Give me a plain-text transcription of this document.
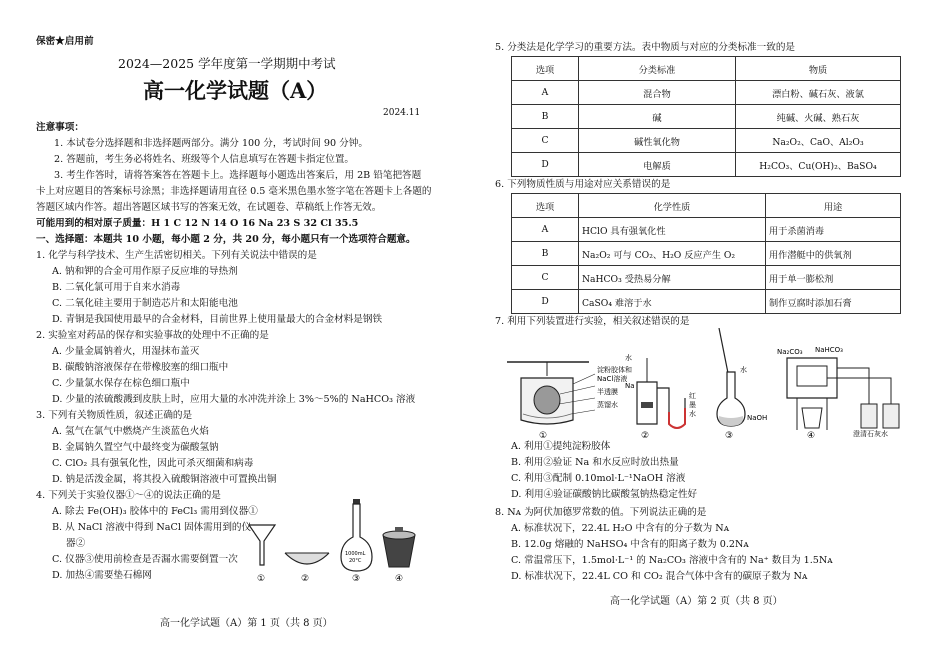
保密★启用前
2024—2025 学年度第一学期期中考试
高一化学试题（A）
2024.11
注意事项：
1. 本试卷分选择题和非选择题两部分。满分 100 分，考试时间 90 分钟。
2. 答题前，考生务必将姓名、班级等个人信息填写在答题卡指定位置。
3. 考生作答时，请将答案答在答题卡上。选择题每小题选出答案后，用 2B 铅笔把答题
卡上对应题目的答案标号涂黑；非选择题请用直径 0.5 毫米黑色墨水签字笔在答题卡上各题的
答题区域内作答。超出答题区域书写的答案无效，在试题卷、草稿纸上作答无效。
可能用到的相对原子质量：H 1 C 12 N 14 O 16 Na 23 S 32 Cl 35.5
一、选择题：本题共 10 小题，每小题 2 分，共 20 分，每小题只有一个选项符合题意。
1. 化学与科学技术、生产生活密切相关。下列有关说法中错误的是
A. 钠和钾的合金可用作原子反应堆的导热剂
B. 二氧化氯可用于自来水消毒
C. 二氧化硅主要用于制造芯片和太阳能电池
D. 青铜是我国使用最早的合金材料，目前世界上使用量最大的合金材料是钢铁
2. 实验室对药品的保存和实验事故的处理中不正确的是
A. 少量金属钠着火，用湿抹布盖灭
B. 碳酸钠溶液保存在带橡胶塞的细口瓶中
C. 少量氯水保存在棕色细口瓶中
D. 少量的浓硫酸溅到皮肤上时，应用大量的水冲洗并涂上 3%～5%的 NaHCO₃ 溶液
3. 下列有关物质性质，叙述正确的是
A. 氢气在氯气中燃烧产生淡蓝色火焰
B. 金属钠久置空气中最终变为碳酸氢钠
C. ClO₂ 具有强氧化性，因此可杀灭细菌和病毒
D. 钠是活泼金属，将其投入硫酸铜溶液中可置换出铜
4. 下列关于实验仪器①～④的说法正确的是
A. 除去 Fe(OH)₃ 胶体中的 FeCl₃ 需用到仪器①
B. 从 NaCl 溶液中得到 NaCl 固体需用到的仪
器②
C. 仪器③使用前检查是否漏水需要倒置一次
D. 加热④需要垫石棉网
1000mL
20°C
①	②	③	④
高一化学试题（A）第 1 页（共 8 页）
5. 分类法是化学学习的重要方法。表中物质与对应的分类标准一致的是
选项	分类标准	物质
A	混合物	漂白粉、碱石灰、液氯
B	碱	纯碱、火碱、熟石灰
C	碱性氧化物	Na₂O₂、CaO、Al₂O₃
D	电解质	H₂CO₃、Cu(OH)₂、BaSO₄
6. 下列物质性质与用途对应关系错误的是
选项	化学性质	用途
A	HClO 具有强氧化性	用于杀菌消毒
B	Na₂O₂ 可与 CO₂、H₂O 反应产生 O₂	用作潜艇中的供氧剂
C	NaHCO₃ 受热易分解	用于单一膨松剂
D	CaSO₄ 难溶于水	制作豆腐时添加石膏
7. 利用下列装置进行实验，相关叙述错误的是
淀粉胶体和
NaCl溶液
半透膜
蒸馏水
水
Na
红
墨
水
水
NaOH
Na₂CO₃ NaHCO₃
澄清石灰水
①	②	③	④
A. 利用①提纯淀粉胶体
B. 利用②验证 Na 和水反应时放出热量
C. 利用③配制 0.10mol·L⁻¹NaOH 溶液
D. 利用④验证碳酸钠比碳酸氢钠热稳定性好
8. Nᴀ 为阿伏加德罗常数的值。下列说法正确的是
A. 标准状况下，22.4L H₂O 中含有的分子数为 Nᴀ
B. 12.0g 熔融的 NaHSO₄ 中含有的阳离子数为 0.2Nᴀ
C. 常温常压下，1.5mol·L⁻¹ 的 Na₂CO₃ 溶液中含有的 Na⁺ 数目为 1.5Nᴀ
D. 标准状况下，22.4L CO 和 CO₂ 混合气体中含有的碳原子数为 Nᴀ
高一化学试题（A）第 2 页（共 8 页）
